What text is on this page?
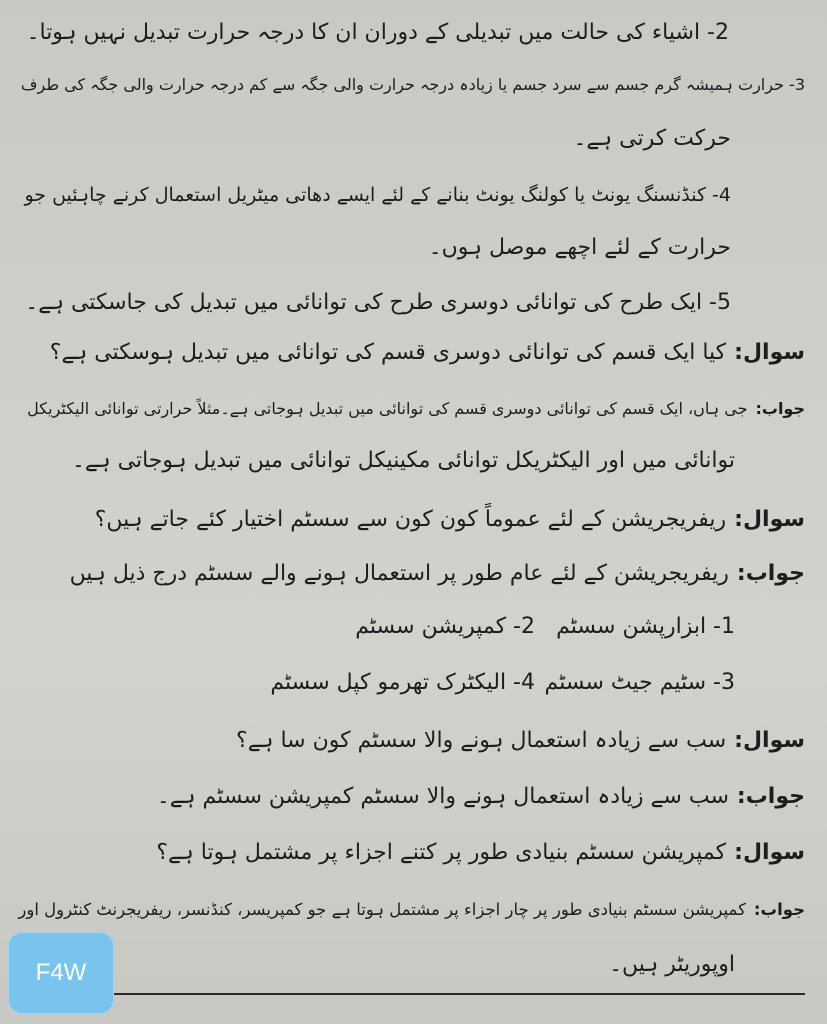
2- اشیاء کی حالت میں تبدیلی کے دوران ان کا درجہ حرارت تبدیل نہیں ہوتا۔
3- حرارت ہمیشہ گرم جسم سے سرد جسم یا زیادہ درجہ حرارت والی جگہ سے کم درجہ حرارت والی جگہ کی طرف
حرکت کرتی ہے۔
4- کنڈنسنگ یونٹ یا کولنگ یونٹ بنانے کے لئے ایسے دھاتی میٹریل استعمال کرنے چاہئیں جو
حرارت کے لئے اچھے موصل ہوں۔
5- ایک طرح کی توانائی دوسری طرح کی توانائی میں تبدیل کی جاسکتی ہے۔
سوال:کیا ایک قسم کی توانائی دوسری قسم کی توانائی میں تبدیل ہوسکتی ہے؟
جواب:جی ہاں، ایک قسم کی توانائی دوسری قسم کی توانائی میں تبدیل ہوجاتی ہے۔مثلاً حرارتی توانائی الیکٹریکل
توانائی میں اور الیکٹریکل توانائی مکینیکل توانائی میں تبدیل ہوجاتی ہے۔
سوال:ریفریجریشن کے لئے عموماً کون کون سے سسٹم اختیار کئے جاتے ہیں؟
جواب:ریفریجریشن کے لئے عام طور پر استعمال ہونے والے سسٹم درج ذیل ہیں
1- ابزارپشن سسٹم
2- کمپریشن سسٹم
3- سٹیم جیٹ سسٹم
4- الیکٹرک تھرمو کپل سسٹم
سوال:سب سے زیادہ استعمال ہونے والا سسٹم کون سا ہے؟
جواب:سب سے زیادہ استعمال ہونے والا سسٹم کمپریشن سسٹم ہے۔
سوال:کمپریشن سسٹم بنیادی طور پر کتنے اجزاء پر مشتمل ہوتا ہے؟
جواب:کمپریشن سسٹم بنیادی طور پر چار اجزاء پر مشتمل ہوتا ہے جو کمپریسر، کنڈنسر، ریفریجرنٹ کنٹرول اور
اوپوریٹر ہیں۔
F4W
